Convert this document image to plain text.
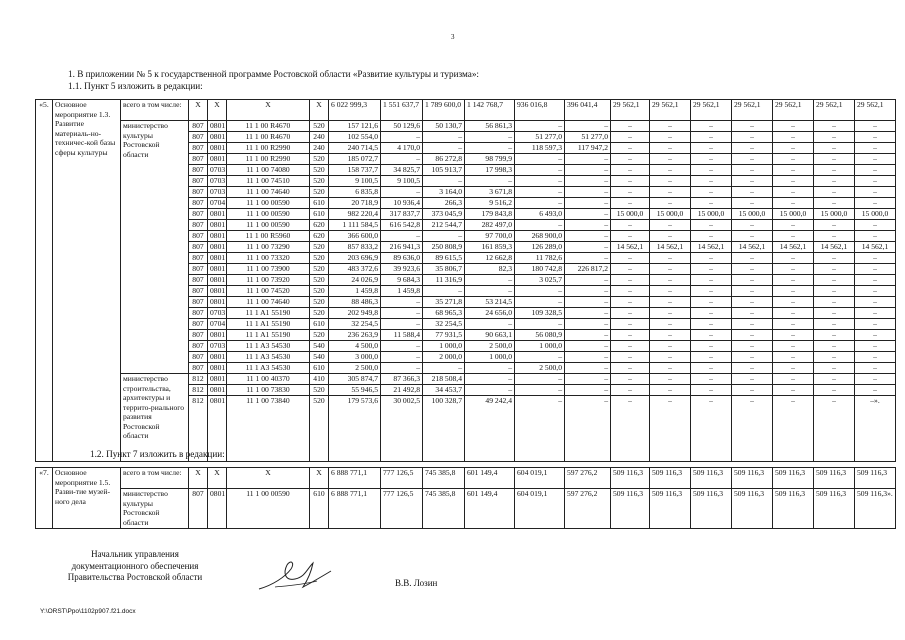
3
1. В приложении № 5 к государственной программе Ростовской области «Развитие культуры и туризма»:
1.1. Пункт 5 изложить в редакции:
«5.	Основное мероприятие 1.3. Развитие материаль-но-техничес-кой базы сферы культуры	всего в том числе:	X	X	X	X	6 022 999,3	1 551 637,7	1 789 600,0	1 142 768,7	936 016,8	396 041,4	29 562,1	29 562,1	29 562,1	29 562,1	29 562,1	29 562,1	29 562,1
		министерство культуры Ростовской области	807	0801	11 1 00 R4670	520	157 121,6	50 129,6	50 130,7	56 861,3	–	–	–	–	–	–	–	–	–
			807	0801	11 1 00 R4670	240	102 554,0	–	–	–	51 277,0	51 277,0	–	–	–	–	–	–	–
			807	0801	11 1 00 R2990	240	240 714,5	4 170,0	–	–	118 597,3	117 947,2	–	–	–	–	–	–	–
			807	0801	11 1 00 R2990	520	185 072,7	–	86 272,8	98 799,9	–	–	–	–	–	–	–	–	–
			807	0703	11 1 00 74080	520	158 737,7	34 825,7	105 913,7	17 998,3	–	–	–	–	–	–	–	–	–
			807	0703	11 1 00 74510	520	9 100,5	9 100,5	–	–	–	–	–	–	–	–	–	–	–
			807	0703	11 1 00 74640	520	6 835,8	–	3 164,0	3 671,8	–	–	–	–	–	–	–	–	–
			807	0704	11 1 00 00590	610	20 718,9	10 936,4	266,3	9 516,2	–	–	–	–	–	–	–	–	–
			807	0801	11 1 00 00590	610	982 220,4	317 837,7	373 045,9	179 843,8	6 493,0	–	15 000,0	15 000,0	15 000,0	15 000,0	15 000,0	15 000,0	15 000,0
			807	0801	11 1 00 00590	620	1 111 584,5	616 542,8	212 544,7	282 497,0	–	–	–	–	–	–	–	–	–
			807	0801	11 1 00 R5960	620	366 600,0	–	–	97 700,0	268 900,0	–	–	–	–	–	–	–	–
			807	0801	11 1 00 73290	520	857 833,2	216 941,3	250 808,9	161 859,3	126 289,0	–	14 562,1	14 562,1	14 562,1	14 562,1	14 562,1	14 562,1	14 562,1
			807	0801	11 1 00 73320	520	203 696,9	89 636,0	89 615,5	12 662,8	11 782,6	–	–	–	–	–	–	–	–
			807	0801	11 1 00 73900	520	483 372,6	39 923,6	35 806,7	82,3	180 742,8	226 817,2	–	–	–	–	–	–	–
			807	0801	11 1 00 73920	520	24 026,9	9 684,3	11 316,9	–	3 025,7	–	–	–	–	–	–	–	–
			807	0801	11 1 00 74520	520	1 459,8	1 459,8	–	–	–	–	–	–	–	–	–	–	–
			807	0801	11 1 00 74640	520	88 486,3	–	35 271,8	53 214,5	–	–	–	–	–	–	–	–	–
			807	0703	11 1 A1 55190	520	202 949,8	–	68 965,3	24 656,0	109 328,5	–	–	–	–	–	–	–	–
			807	0704	11 1 A1 55190	610	32 254,5	–	32 254,5	–	–	–	–	–	–	–	–	–	–
			807	0801	11 1 A1 55190	520	236 263,9	11 588,4	77 931,5	90 663,1	56 080,9	–	–	–	–	–	–	–	–
			807	0703	11 1 A3 54530	540	4 500,0	–	1 000,0	2 500,0	1 000,0	–	–	–	–	–	–	–	–
			807	0801	11 1 A3 54530	540	3 000,0	–	2 000,0	1 000,0	–	–	–	–	–	–	–	–	–
			807	0801	11 1 A3 54530	610	2 500,0	–	–	–	2 500,0	–	–	–	–	–	–	–	–
		министерство строительства, архитектуры и террито-риального развития Ростовской области	812	0801	11 1 00 40370	410	305 874,7	87 366,3	218 508,4	–	–	–	–	–	–	–	–	–	–
			812	0801	11 1 00 73830	520	55 946,5	21 492,8	34 453,7	–	–	–	–	–	–	–	–	–	–
			812	0801	11 1 00 73840	520	179 573,6	30 002,5	100 328,7	49 242,4	–	–	–	–	–	–	–	–	–».
1.2. Пункт 7 изложить в редакции:
«7.	Основное мероприятие 1.5. Разви-тие музей-ного дела	всего в том числе:	X	X	X	X	6 888 771,1	777 126,5	745 385,8	601 149,4	604 019,1	597 276,2	509 116,3	509 116,3	509 116,3	509 116,3	509 116,3	509 116,3	509 116,3
		министерство культуры Ростовской области	807	0801	11 1 00 00590	610	6 888 771,1	777 126,5	745 385,8	601 149,4	604 019,1	597 276,2	509 116,3	509 116,3	509 116,3	509 116,3	509 116,3	509 116,3	509 116,3».
Начальник управления
документационного обеспечения
Правительства Ростовской области
В.В. Лозин
Y:\ORST\Ppo\1102p907.f21.docx
